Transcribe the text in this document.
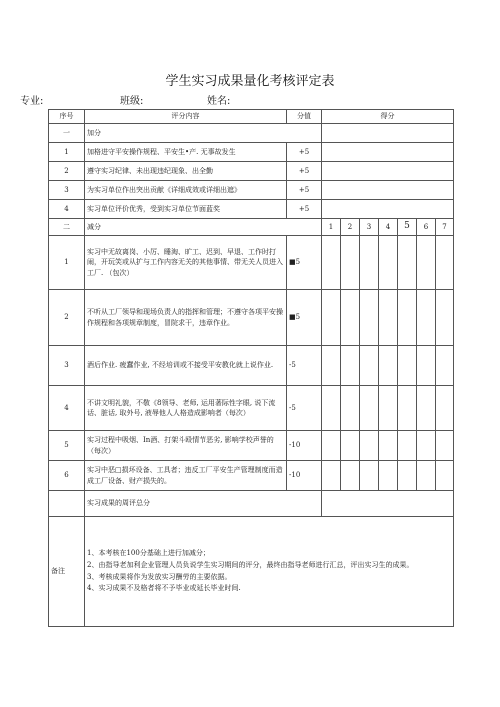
学生实习成果量化考核评定表
专业:	班级:	姓名:
序号	评分内容	分值	得分						
一	加分								
1	加格进守平安操作规程、平安生•产. 无事故发生	+5							
2	遵守实习纪律、未出现违纪现象、出全勤	+5							
3	为实习单位作出突出贡献《详细成效或详细出遮》	+5							
4	实习单位评价优秀，受到实习单位节面蓝奖	+5							
二	减分		1	2	3	4	5	6	7
1	实习中无故离岗、小厉、睡淘、旷工、迟到、早退、工作时打闹，开玩笑或从扩与工作内容无关的其他事情、带无关人员进入工厂. （包次）	■5							
2	不听从工厂领导和现场负责人的指挥和管理；不遵守各项平安操作规程和各项规章制度，冒院求干，违章作业。	■5							
3	酒后作业. 疲蠢作业, 不经培训或不接受平安教化就上说作业.	-5							
4	不讲文明礼貌，不敬《8领导、老师, 运用著际性字眼, 说下流话、脏话, 取外号, 液辱他人人格造成影响者（每次）	-5							
5	实习过程中吸烟、In酒、打架斗殴情节恶劣, 影响学校声誉的（每次）	-10							
6	实习中恶□损坏设备、工具者；违反工厂平安生产管理制度而造成工厂设备、财产损失的。	-10							
	实习成果的周评总分								
备注	1、本考核在100分基础上进行加减分；
2、由指导老加利企业管理人员负说学生实习期间的评分，最终由指导老师进行汇总，评出实习生的成果。
3、考核成果将作为发放实习酬劳的主要依据。
4、实习成果不及格者将不予毕业或延长毕业时间.								
